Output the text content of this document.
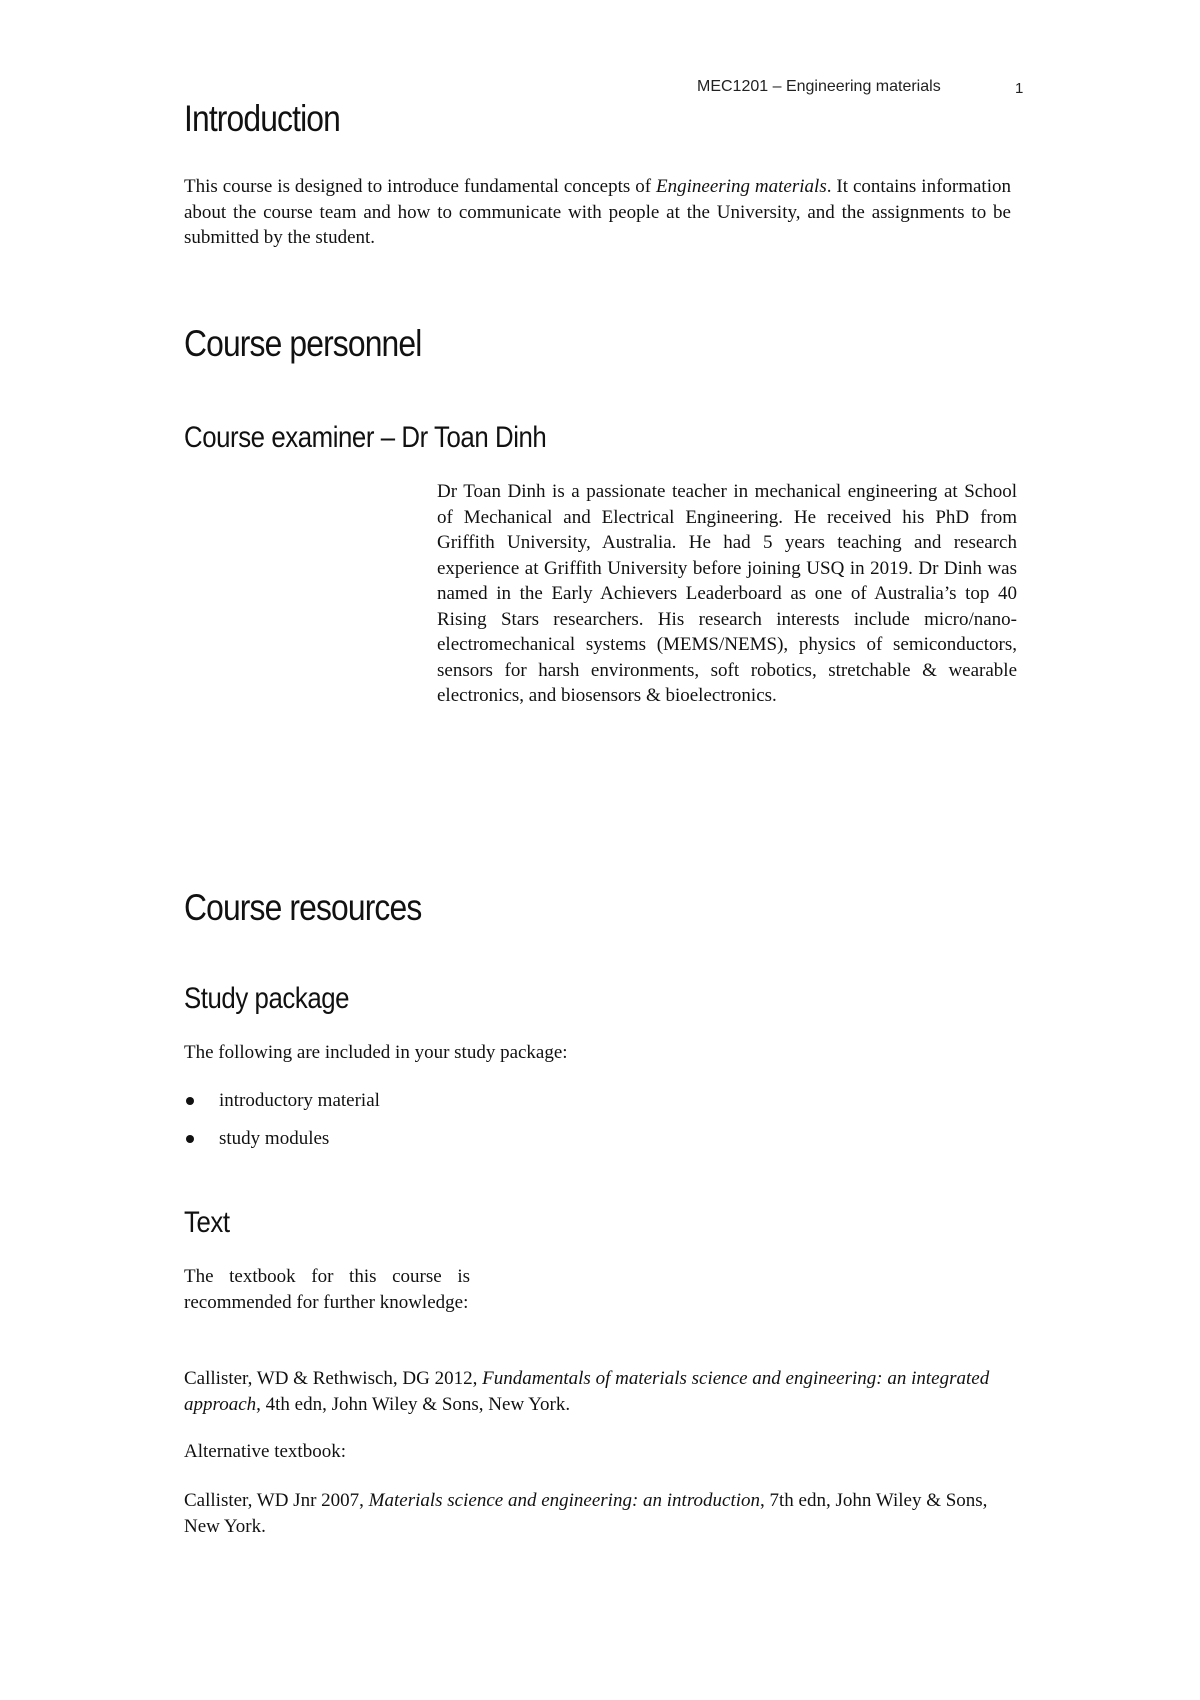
MEC1201 – Engineering materials	1
Introduction

This course is designed to introduce fundamental concepts of Engineering materials. It contains information about the course team and how to communicate with people at the University, and the assignments to be submitted by the student.

Course personnel
Course examiner – Dr Toan Dinh

Dr Toan Dinh is a passionate teacher in mechanical engineering at School of Mechanical and Electrical Engineering. He received his PhD from Griffith University, Australia. He had 5 years teaching and research experience at Griffith University before joining USQ in 2019. Dr Dinh was named in the Early Achievers Leaderboard as one of Australia’s top 40 Rising Stars researchers. His research interests include micro/nano-electromechanical systems (MEMS/NEMS), physics of semiconductors, sensors for harsh environments, soft robotics, stretchable & wearable electronics, and biosensors & bioelectronics.

Course resources
Study package

The following are included in your study package:

introductory material
study modules
Text

The textbook for this course is recommended for further knowledge:

Callister, WD & Rethwisch, DG 2012, Fundamentals of materials science and engineering: an integrated approach, 4th edn, John Wiley & Sons, New York.

Alternative textbook:

Callister, WD Jnr 2007, Materials science and engineering: an introduction, 7th edn, John Wiley & Sons, New York.
